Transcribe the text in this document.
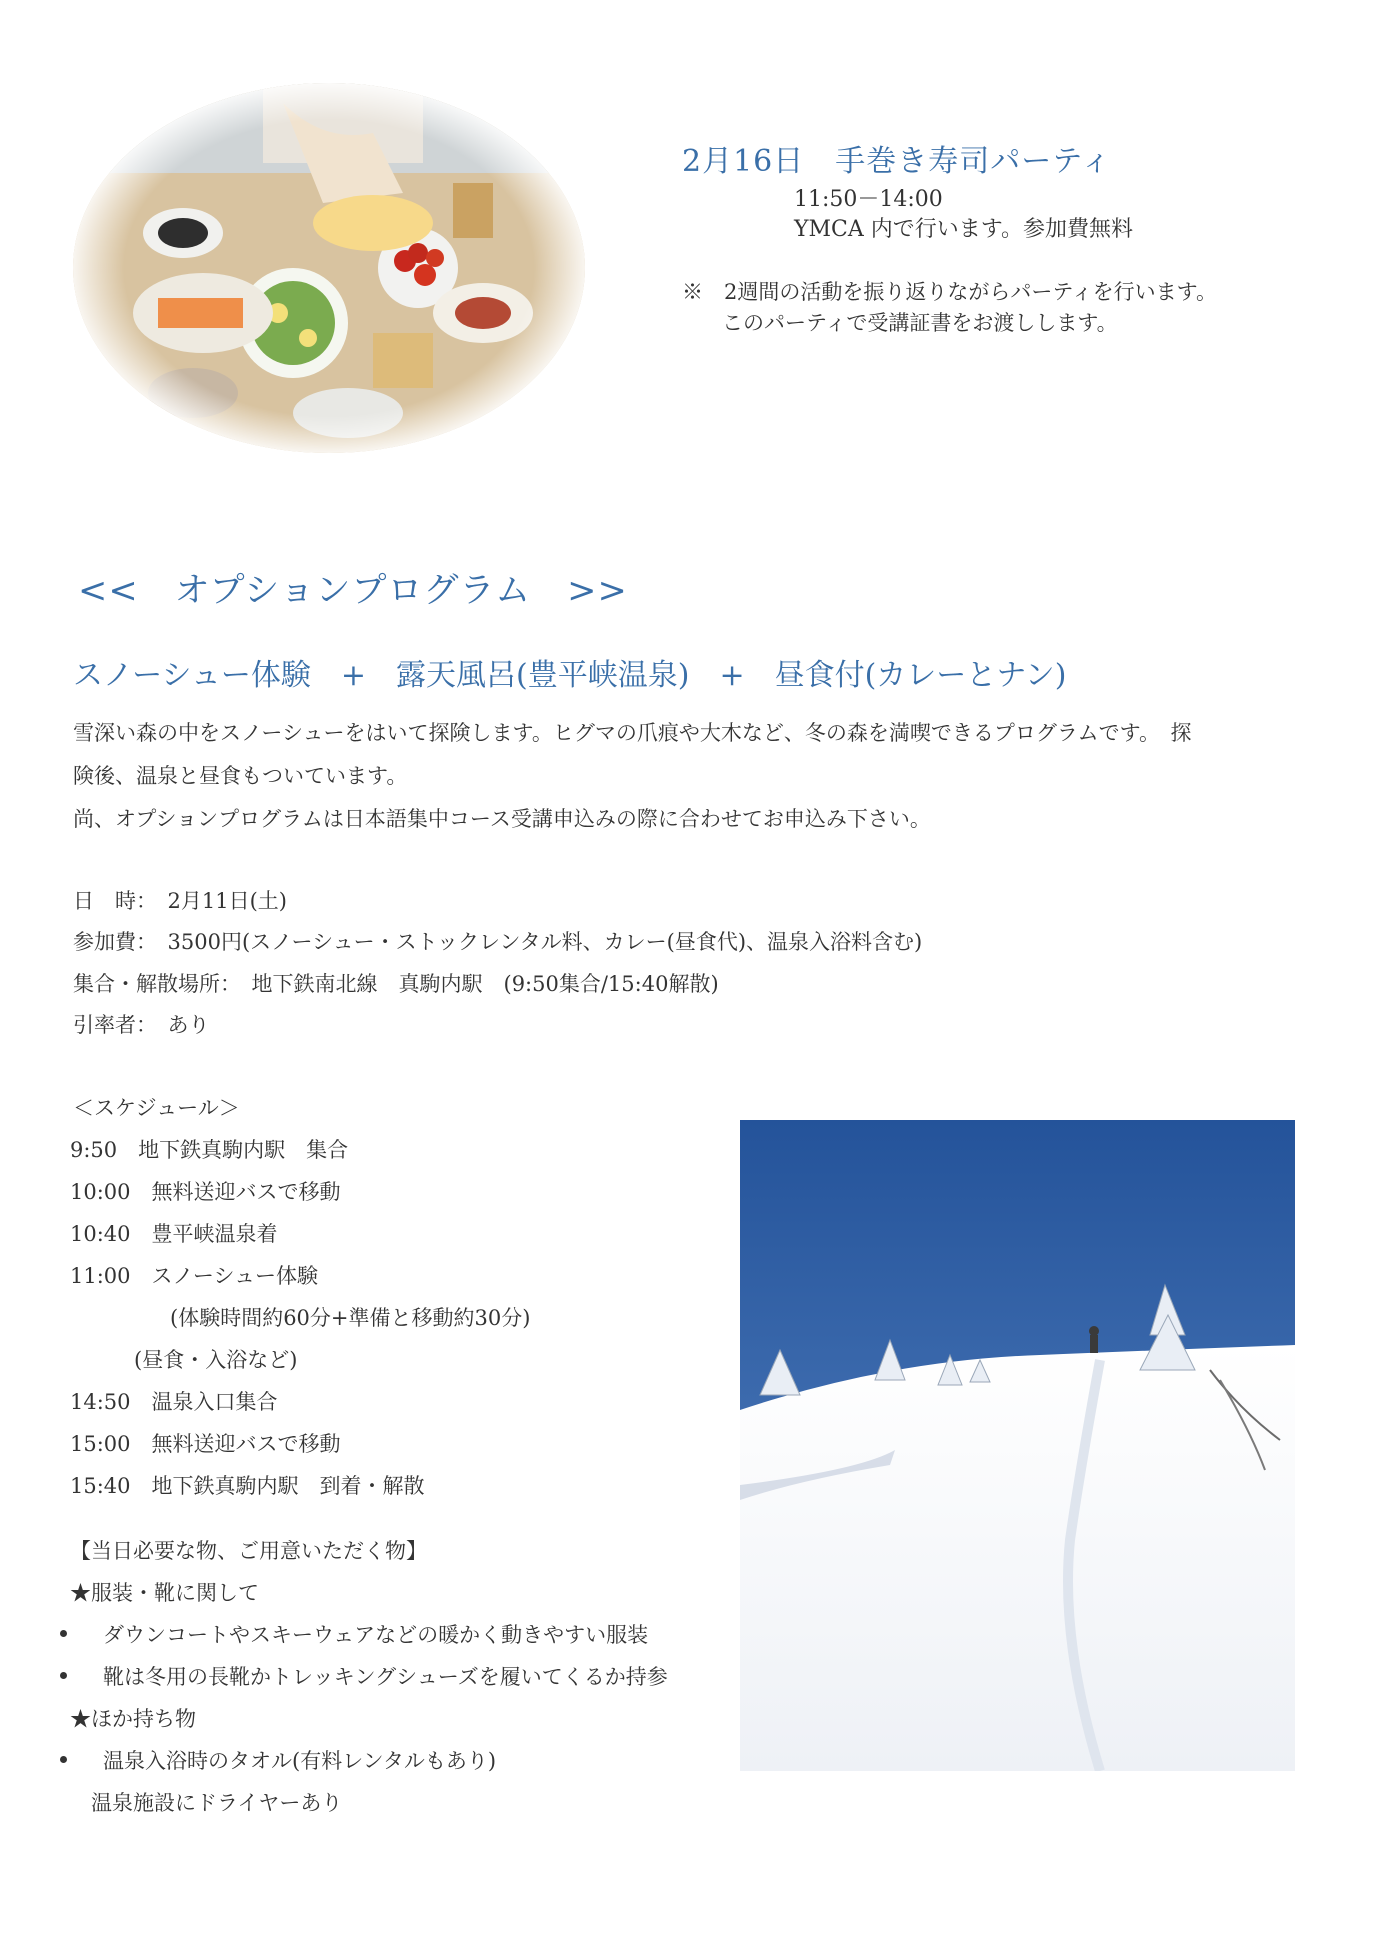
2月16日　手巻き寿司パーティ
11:50－14:00
YMCA 内で行います。参加費無料
※　2週間の活動を振り返りながらパーティを行います。
このパーティで受講証書をお渡しします。
<<　オプションプログラム　>>
スノーシュー体験　+　露天風呂(豊平峡温泉)　+　昼食付(カレーとナン)
雪深い森の中をスノーシューをはいて探険します。ヒグマの爪痕や大木など、冬の森を満喫できるプログラムです。　探
険後、温泉と昼食もついています。
尚、オプションプログラムは日本語集中コース受講申込みの際に合わせてお申込み下さい。
日　時：　2月11日(土)
参加費：　3500円(スノーシュー・ストックレンタル料、カレー(昼食代)、温泉入浴料含む)
集合・解散場所：　地下鉄南北線　真駒内駅　(9:50集合/15:40解散)
引率者：　あり
＜スケジュール＞
9:50　地下鉄真駒内駅　集合
10:00　無料送迎バスで移動
10:40　豊平峡温泉着
11:00　スノーシュー体験
(体験時間約60分+準備と移動約30分)
(昼食・入浴など)
14:50　温泉入口集合
15:00　無料送迎バスで移動
15:40　地下鉄真駒内駅　到着・解散
【当日必要な物、ご用意いただく物】
★服装・靴に関して
ダウンコートやスキーウェアなどの暖かく動きやすい服装
靴は冬用の長靴かトレッキングシューズを履いてくるか持参
★ほか持ち物
温泉入浴時のタオル(有料レンタルもあり)
温泉施設にドライヤーあり
